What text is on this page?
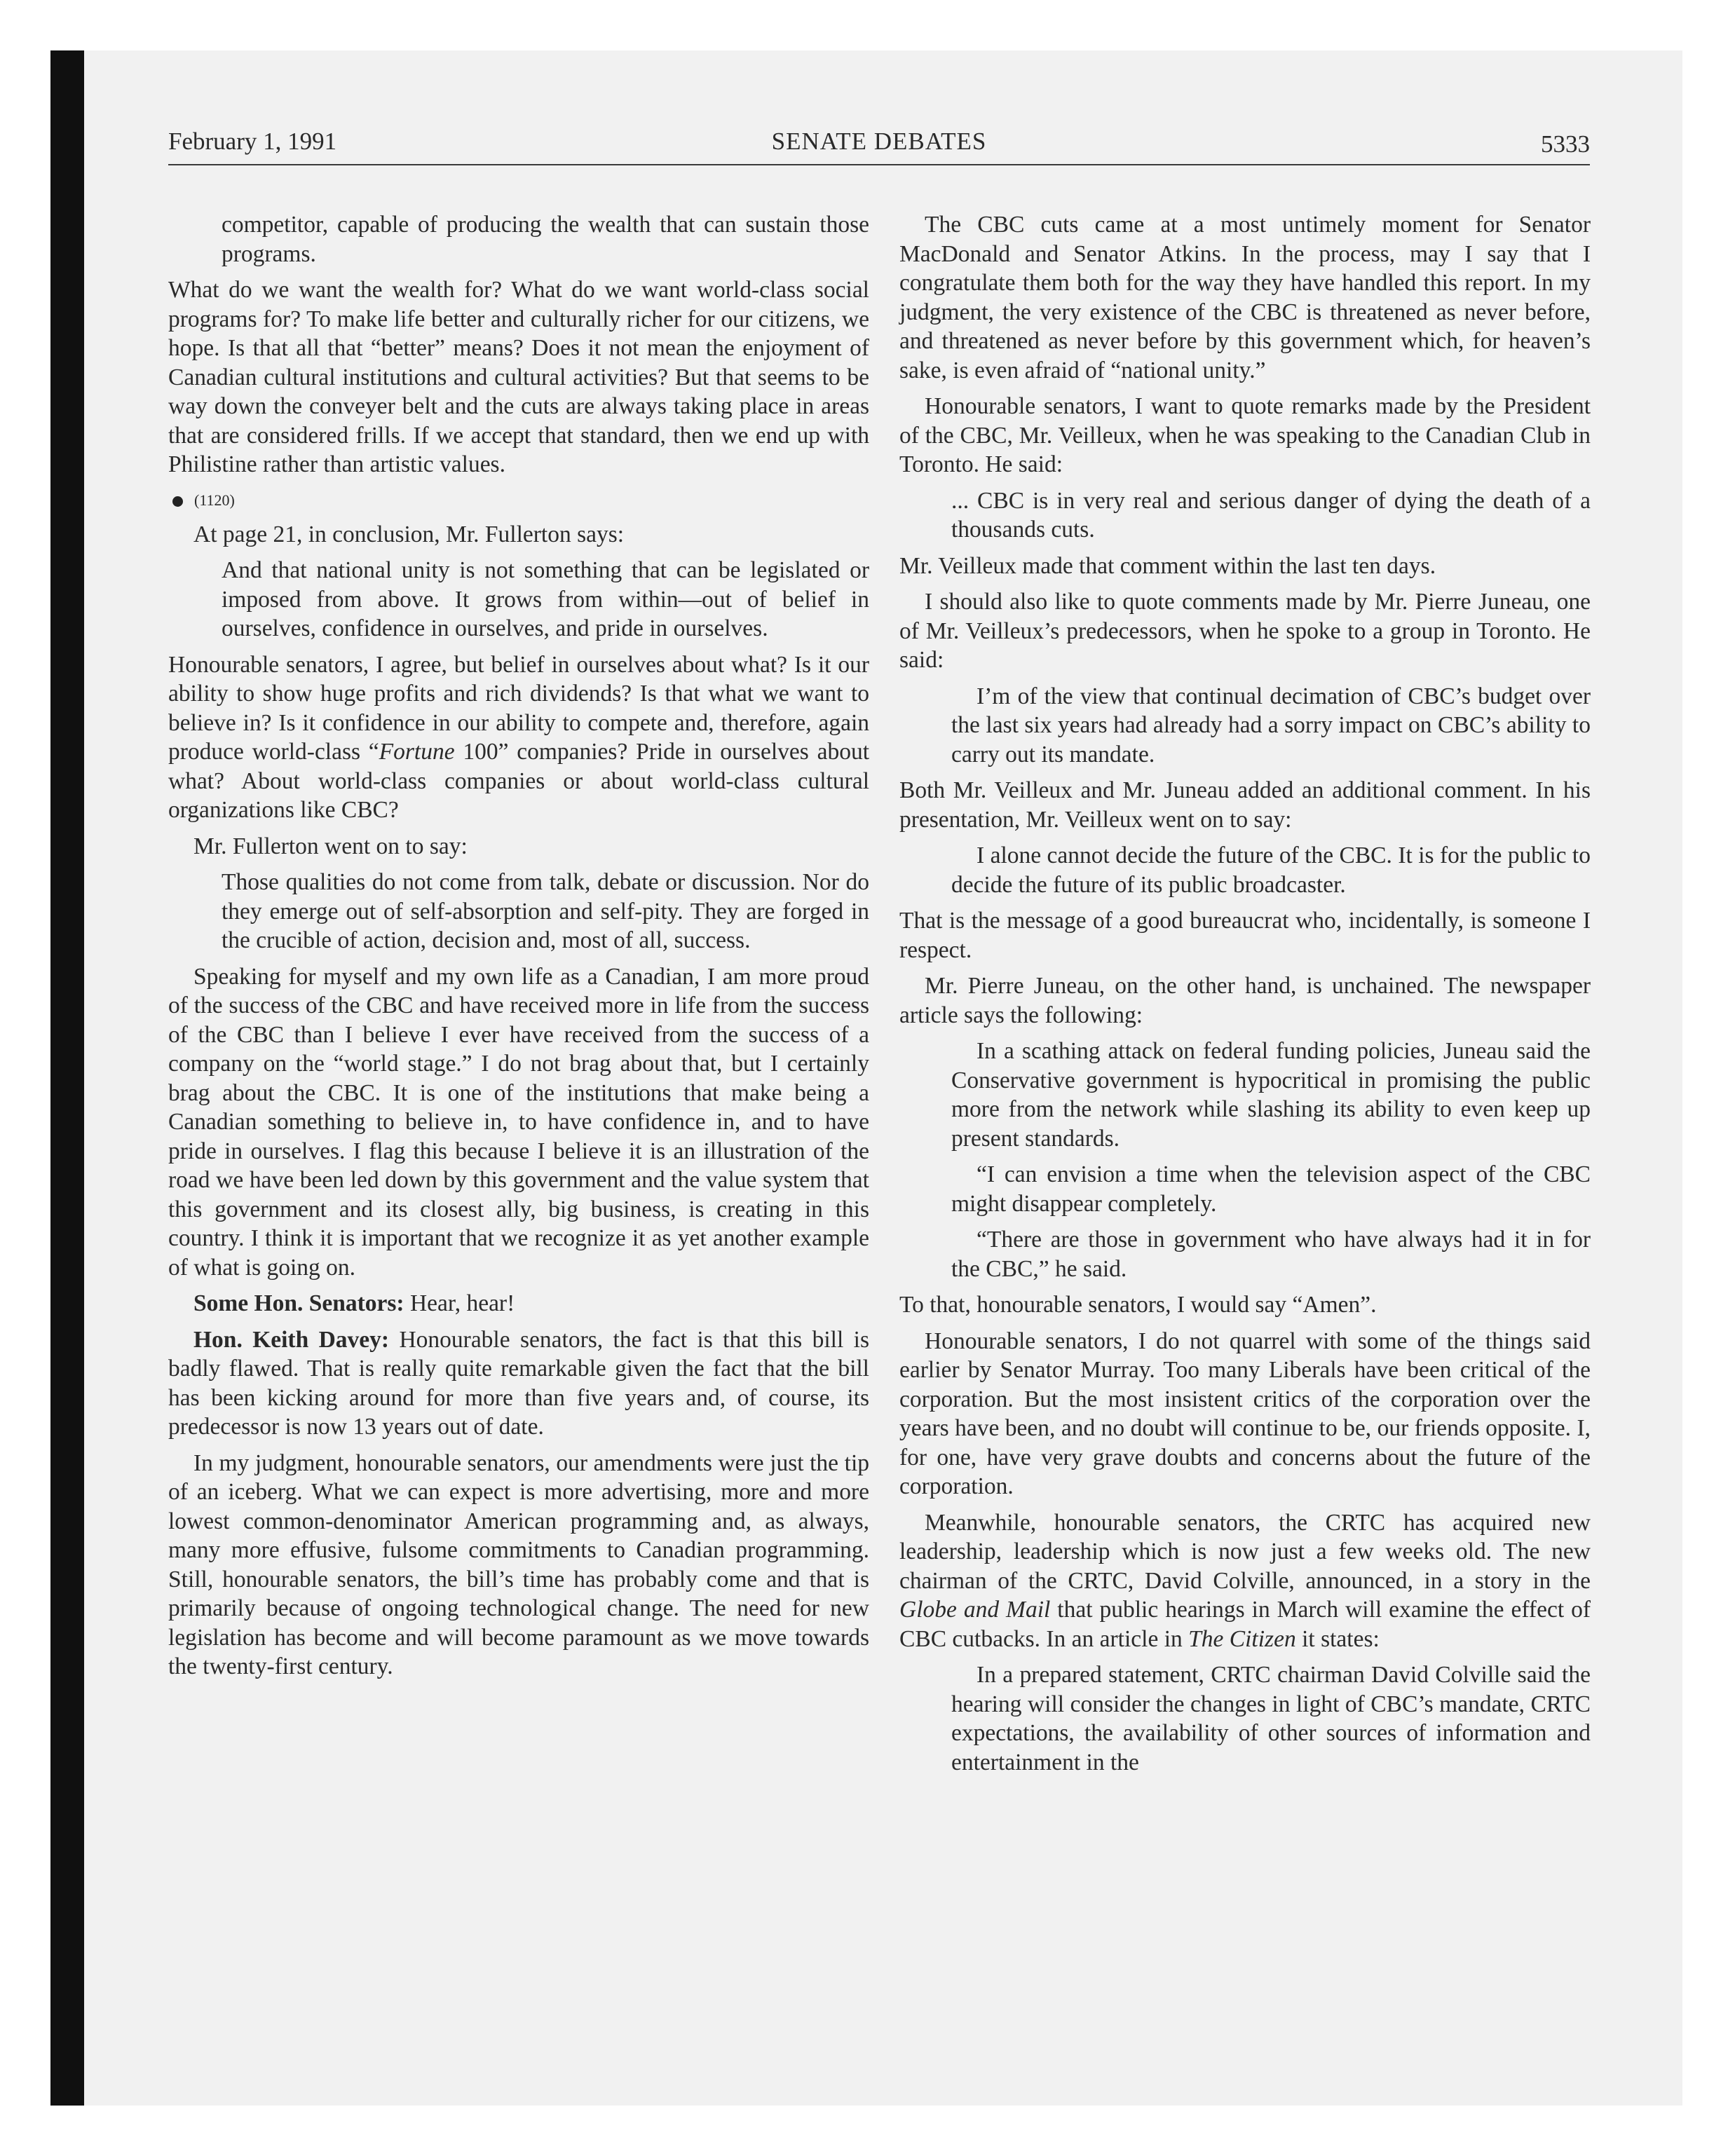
February 1, 1991	SENATE DEBATES	5333

competitor, capable of producing the wealth that can sustain those programs.

What do we want the wealth for? What do we want world-class social programs for? To make life better and culturally richer for our citizens, we hope. Is that all that “better” means? Does it not mean the enjoyment of Canadian cultural institutions and cultural activities? But that seems to be way down the conveyer belt and the cuts are always taking place in areas that are considered frills. If we accept that standard, then we end up with Philistine rather than artistic values.

(1120)

At page 21, in conclusion, Mr. Fullerton says:

And that national unity is not something that can be legislated or imposed from above. It grows from within—out of belief in ourselves, confidence in ourselves, and pride in ourselves.

Honourable senators, I agree, but belief in ourselves about what? Is it our ability to show huge profits and rich dividends? Is that what we want to believe in? Is it confidence in our ability to compete and, therefore, again produce world-class “Fortune 100” companies? Pride in ourselves about what? About world-class companies or about world-class cultural organizations like CBC?

Mr. Fullerton went on to say:

Those qualities do not come from talk, debate or discussion. Nor do they emerge out of self-absorption and self-pity. They are forged in the crucible of action, decision and, most of all, success.

Speaking for myself and my own life as a Canadian, I am more proud of the success of the CBC and have received more in life from the success of the CBC than I believe I ever have received from the success of a company on the “world stage.” I do not brag about that, but I certainly brag about the CBC. It is one of the institutions that make being a Canadian something to believe in, to have confidence in, and to have pride in ourselves. I flag this because I believe it is an illustration of the road we have been led down by this government and the value system that this government and its closest ally, big business, is creating in this country. I think it is important that we recognize it as yet another example of what is going on.

Some Hon. Senators: Hear, hear!

Hon. Keith Davey: Honourable senators, the fact is that this bill is badly flawed. That is really quite remarkable given the fact that the bill has been kicking around for more than five years and, of course, its predecessor is now 13 years out of date.

In my judgment, honourable senators, our amendments were just the tip of an iceberg. What we can expect is more advertising, more and more lowest common-denominator American programming and, as always, many more effusive, fulsome commitments to Canadian programming. Still, honourable senators, the bill’s time has probably come and that is primarily because of ongoing technological change. The need for new legislation has become and will become paramount as we move towards the twenty-first century.

The CBC cuts came at a most untimely moment for Senator MacDonald and Senator Atkins. In the process, may I say that I congratulate them both for the way they have handled this report. In my judgment, the very existence of the CBC is threatened as never before, and threatened as never before by this government which, for heaven’s sake, is even afraid of “national unity.”

Honourable senators, I want to quote remarks made by the President of the CBC, Mr. Veilleux, when he was speaking to the Canadian Club in Toronto. He said:

... CBC is in very real and serious danger of dying the death of a thousands cuts.

Mr. Veilleux made that comment within the last ten days.

I should also like to quote comments made by Mr. Pierre Juneau, one of Mr. Veilleux’s predecessors, when he spoke to a group in Toronto. He said:

I’m of the view that continual decimation of CBC’s budget over the last six years had already had a sorry impact on CBC’s ability to carry out its mandate.

Both Mr. Veilleux and Mr. Juneau added an additional comment. In his presentation, Mr. Veilleux went on to say:

I alone cannot decide the future of the CBC. It is for the public to decide the future of its public broadcaster.

That is the message of a good bureaucrat who, incidentally, is someone I respect.

Mr. Pierre Juneau, on the other hand, is unchained. The newspaper article says the following:

In a scathing attack on federal funding policies, Juneau said the Conservative government is hypocritical in promising the public more from the network while slashing its ability to even keep up present standards.

“I can envision a time when the television aspect of the CBC might disappear completely.

“There are those in government who have always had it in for the CBC,” he said.

To that, honourable senators, I would say “Amen”.

Honourable senators, I do not quarrel with some of the things said earlier by Senator Murray. Too many Liberals have been critical of the corporation. But the most insistent critics of the corporation over the years have been, and no doubt will continue to be, our friends opposite. I, for one, have very grave doubts and concerns about the future of the corporation.

Meanwhile, honourable senators, the CRTC has acquired new leadership, leadership which is now just a few weeks old. The new chairman of the CRTC, David Colville, announced, in a story in the Globe and Mail that public hearings in March will examine the effect of CBC cutbacks. In an article in The Citizen it states:

In a prepared statement, CRTC chairman David Colville said the hearing will consider the changes in light of CBC’s mandate, CRTC expectations, the availability of other sources of information and entertainment in the
